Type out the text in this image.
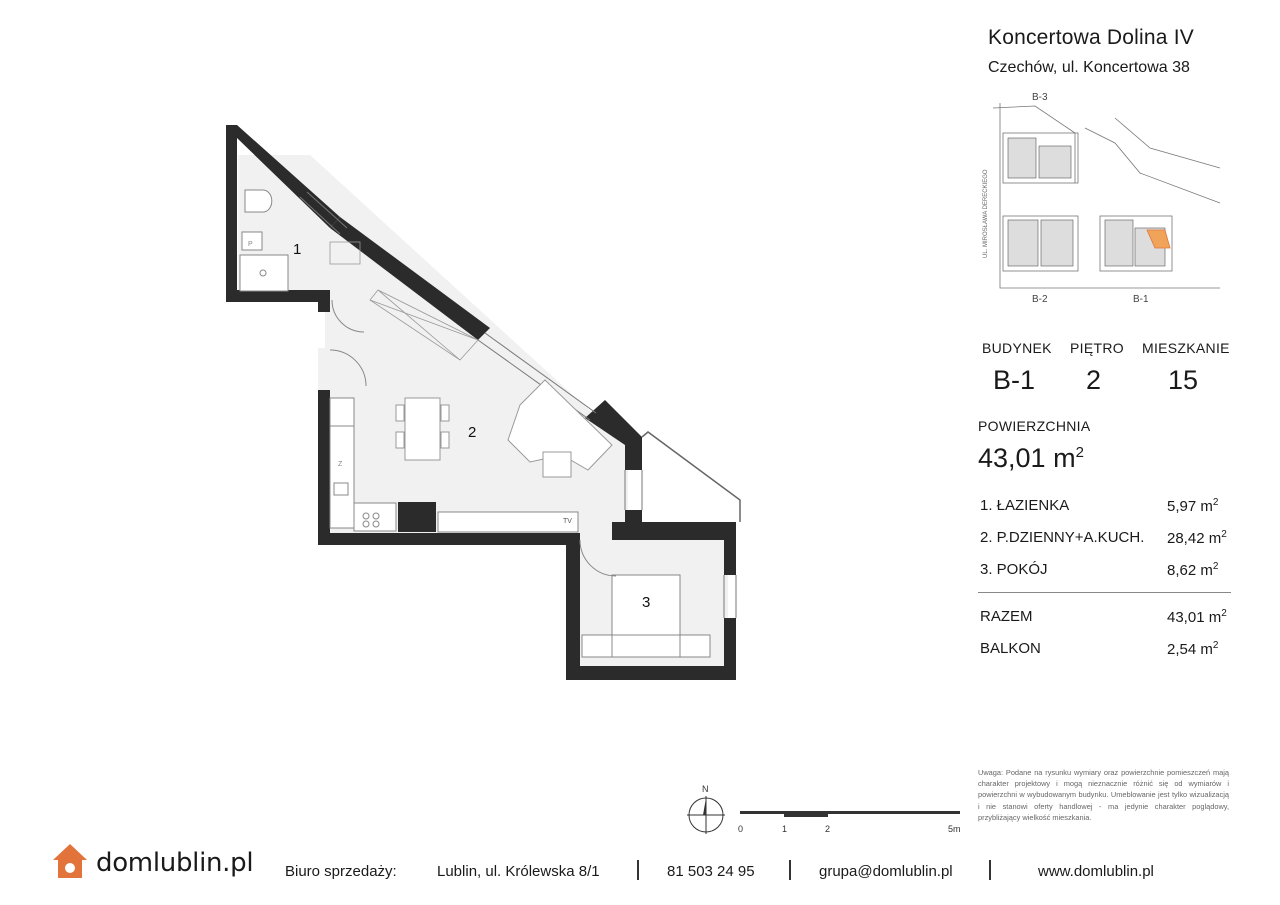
P
Z
TV
1
2
3
Koncertowa Dolina IV
Czechów, ul. Koncertowa 38
B-3
B-2	B-1
UL. MIROSŁAWA DERECKIEGO
BUDYNEK PIĘTRO MIESZKANIE
B-1 2 15
POWIERZCHNIA
43,01 $m^2$
1. ŁAZIENKA	5,97 $m^2$
2. P.DZIENNY+A.KUCH. 28,42 $m^2$
3. POKÓJ	8,62 $m^2$
RAZEM	43,01 $m^2$
BALKON	2,54 $m^2$
Uwaga: Podane na rysunku wymiary oraz powierzchnie pomieszczeń mają charakter projektowy i mogą nieznacznie różnić się od wymiarów i powierzchni w wybudowanym budynku. Umeblowanie jest tylko wizualizacją i nie stanowi oferty handlowej - ma jedynie charakter poglądowy, przybliżający wielkość mieszkania.
N
0	1	2	5m
domlublin.pl Biuro sprzedaży:	Lublin, ul. Królewska 8/1	81 503 24 95	grupa@domlublin.pl	www.domlublin.pl
